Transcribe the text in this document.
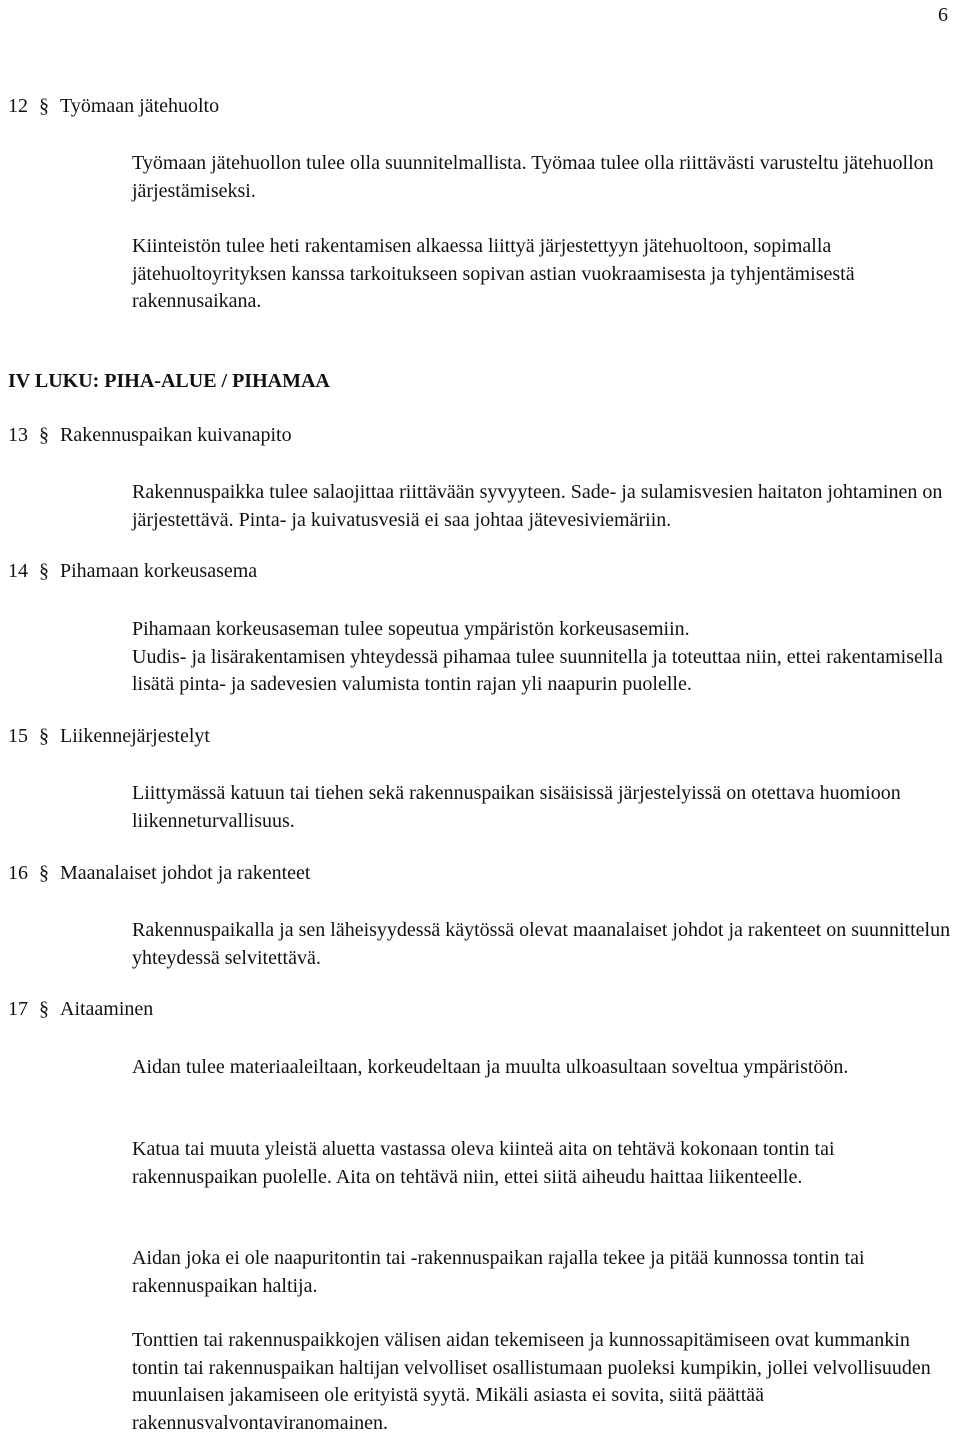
6
12 § Työmaan jätehuolto

Työmaan jätehuollon tulee olla suunnitelmallista. Työmaa tulee olla riittävästi varusteltu jätehuollon järjestämiseksi.

Kiinteistön tulee heti rakentamisen alkaessa liittyä järjestettyyn jätehuoltoon, sopimalla jätehuoltoyrityksen kanssa tarkoitukseen sopivan astian vuokraamisesta ja tyhjentämisestä rakennusaikana.

IV LUKU: PIHA-ALUE / PIHAMAA
13 § Rakennuspaikan kuivanapito

Rakennuspaikka tulee salaojittaa riittävään syvyyteen. Sade- ja sulamisvesien haitaton johtaminen on järjestettävä. Pinta- ja kuivatusvesiä ei saa johtaa jätevesiviemäriin.

14 § Pihamaan korkeusasema

Pihamaan korkeusaseman tulee sopeutua ympäristön korkeusasemiin.

Uudis- ja lisärakentamisen yhteydessä pihamaa tulee suunnitella ja toteuttaa niin, ettei rakentamisella lisätä pinta- ja sadevesien valumista tontin rajan yli naapurin puolelle.

15 § Liikennejärjestelyt

Liittymässä katuun tai tiehen sekä rakennuspaikan sisäisissä järjestelyissä on otettava huomioon liikenneturvallisuus.

16 § Maanalaiset johdot ja rakenteet

Rakennuspaikalla ja sen läheisyydessä käytössä olevat maanalaiset johdot ja rakenteet on suunnittelun yhteydessä selvitettävä.

17 § Aitaaminen

Aidan tulee materiaaleiltaan, korkeudeltaan ja muulta ulkoasultaan soveltua ympäristöön.

Katua tai muuta yleistä aluetta vastassa oleva kiinteä aita on tehtävä kokonaan tontin tai rakennuspaikan puolelle. Aita on tehtävä niin, ettei siitä aiheudu haittaa liikenteelle.

Aidan joka ei ole naapuritontin tai -rakennuspaikan rajalla tekee ja pitää kunnossa tontin tai rakennuspaikan haltija.

Tonttien tai rakennuspaikkojen välisen aidan tekemiseen ja kunnossapitämiseen ovat kummankin tontin tai rakennuspaikan haltijan velvolliset osallistumaan puoleksi kumpikin, jollei velvollisuuden muunlaisen jakamiseen ole erityistä syytä. Mikäli asiasta ei sovita, siitä päättää rakennusvalvontaviranomainen.
